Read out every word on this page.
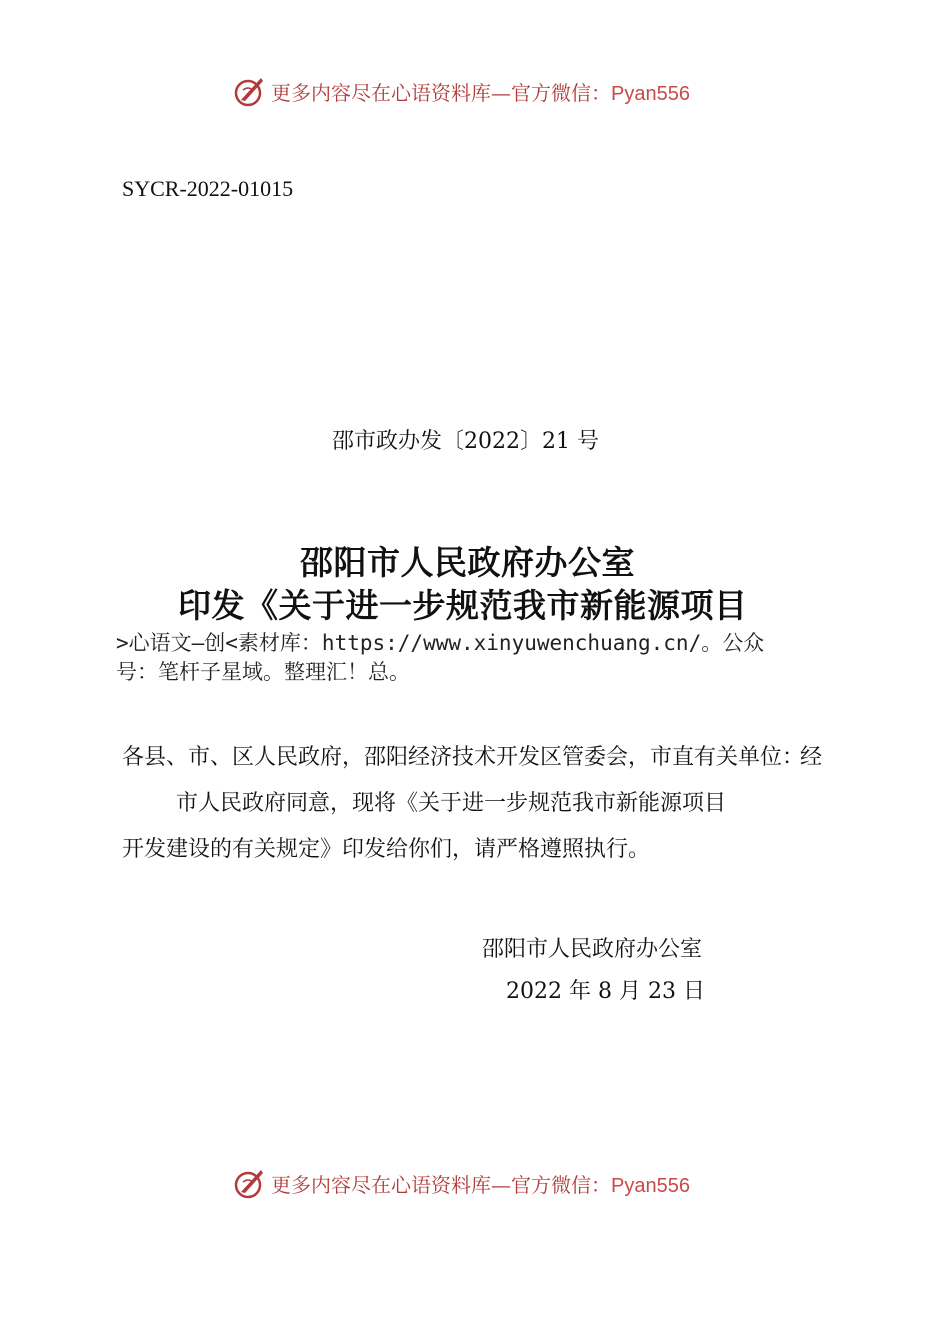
更多内容尽在心语资料库—官方微信：Pyan556
SYCR-2022-01015
邵市政办发〔2022〕21 号
邵阳市人民政府办公室
印发《关于进一步规范我市新能源项目
>心语文—创<素材库：https://www.xinyuwenchuang.cn/。公众
号：笔杆子星域。整理汇！总。
各县、市、区人民政府，邵阳经济技术开发区管委会，市直有关单位：
经
市人民政府同意，现将《关于进一步规范我市新能源项目
开发建设的有关规定》印发给你们，请严格遵照执行。
邵阳市人民政府办公室
2022 年 8 月 23 日
更多内容尽在心语资料库—官方微信：Pyan556
